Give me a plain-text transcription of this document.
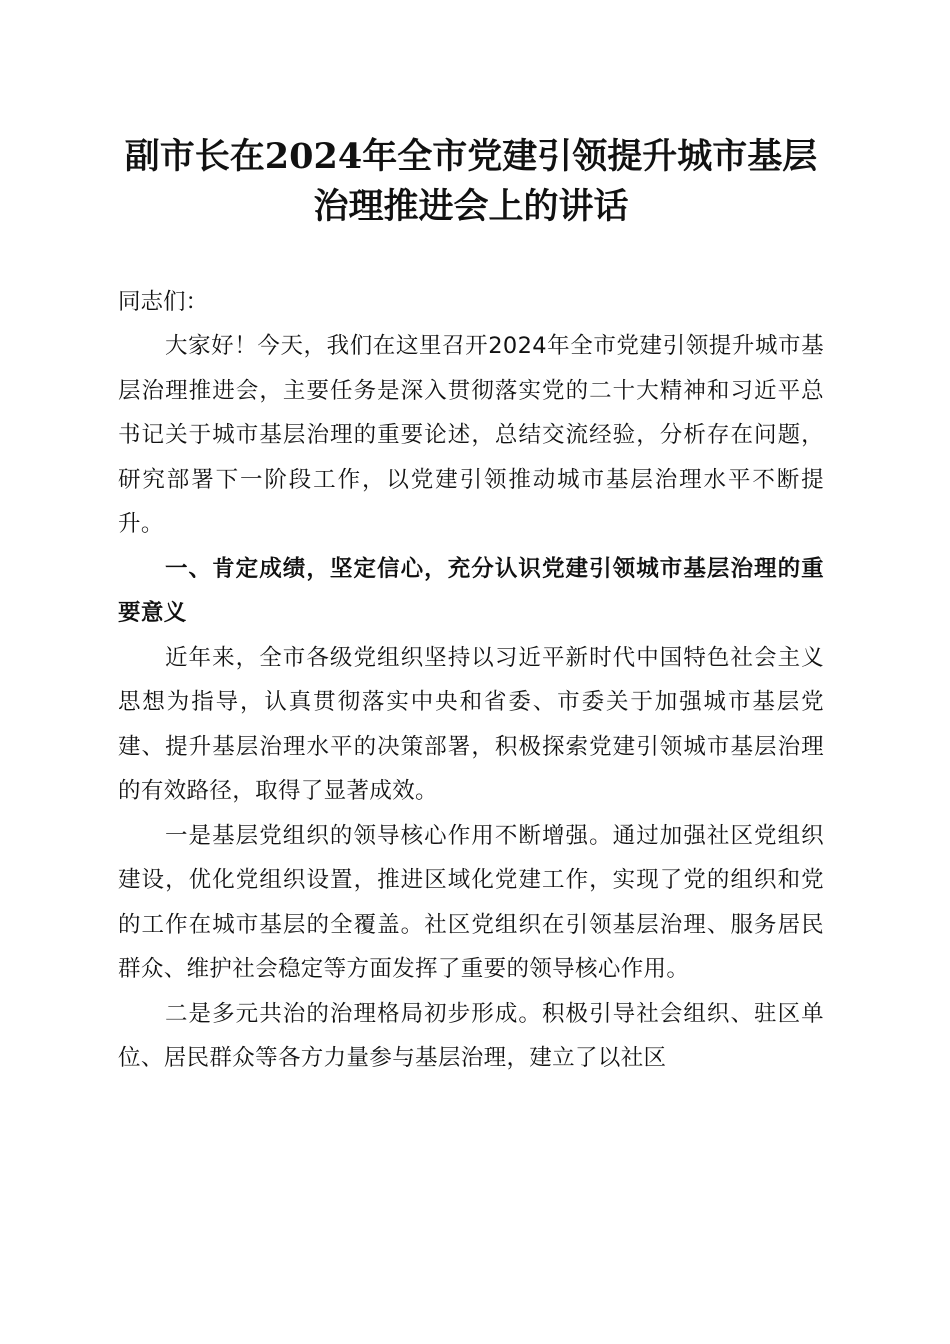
副市长在2024年全市党建引领提升城市基层
治理推进会上的讲话

同志们：

大家好！今天，我们在这里召开2024年全市党建引领提升城市基层治理推进会，主要任务是深入贯彻落实党的二十大精神和习近平总书记关于城市基层治理的重要论述，总结交流经验，分析存在问题，研究部署下一阶段工作，以党建引领推动城市基层治理水平不断提升。

一、肯定成绩，坚定信心，充分认识党建引领城市基层治理的重要意义

近年来，全市各级党组织坚持以习近平新时代中国特色社会主义思想为指导，认真贯彻落实中央和省委、市委关于加强城市基层党建、提升基层治理水平的决策部署，积极探索党建引领城市基层治理的有效路径，取得了显著成效。

一是基层党组织的领导核心作用不断增强。通过加强社区党组织建设，优化党组织设置，推进区域化党建工作，实现了党的组织和党的工作在城市基层的全覆盖。社区党组织在引领基层治理、服务居民群众、维护社会稳定等方面发挥了重要的领导核心作用。

二是多元共治的治理格局初步形成。积极引导社会组织、驻区单位、居民群众等各方力量参与基层治理，建立了以社区
